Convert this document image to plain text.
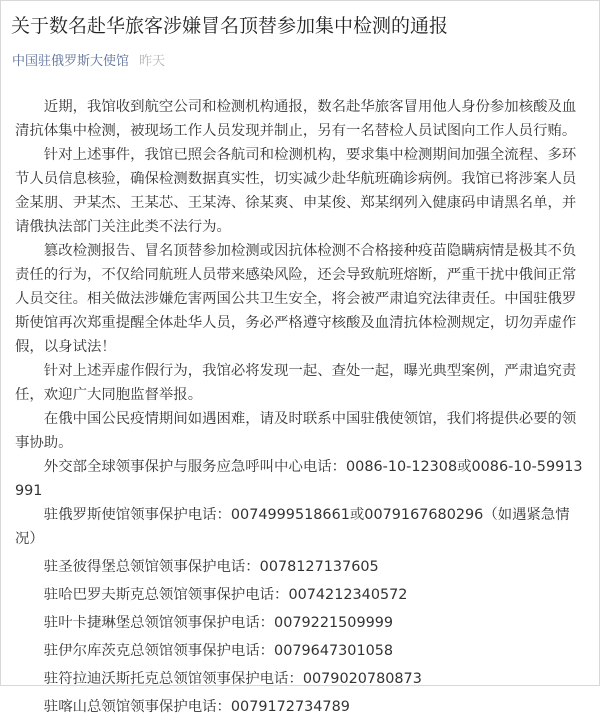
关于数名赴华旅客涉嫌冒名顶替参加集中检测的通报
中国驻俄罗斯大使馆 昨天

近期，我馆收到航空公司和检测机构通报，数名赴华旅客冒用他人身份参加核酸及血清抗体集中检测，被现场工作人员发现并制止，另有一名替检人员试图向工作人员行贿。

针对上述事件，我馆已照会各航司和检测机构，要求集中检测期间加强全流程、多环节人员信息核验，确保检测数据真实性，切实减少赴华航班确诊病例。我馆已将涉案人员金某朋、尹某杰、王某芯、王某涛、徐某爽、申某俊、郑某纲列入健康码申请黑名单，并请俄执法部门关注此类不法行为。

篡改检测报告、冒名顶替参加检测或因抗体检测不合格接种疫苗隐瞒病情是极其不负责任的行为，不仅给同航班人员带来感染风险，还会导致航班熔断，严重干扰中俄间正常人员交往。相关做法涉嫌危害两国公共卫生安全，将会被严肃追究法律责任。中国驻俄罗斯使馆再次郑重提醒全体赴华人员，务必严格遵守核酸及血清抗体检测规定，切勿弄虚作假，以身试法！

针对上述弄虚作假行为，我馆必将发现一起、查处一起，曝光典型案例，严肃追究责任，欢迎广大同胞监督举报。

在俄中国公民疫情期间如遇困难，请及时联系中国驻俄使领馆，我们将提供必要的领事协助。

外交部全球领事保护与服务应急呼叫中心电话：0086-10-12308或0086-10-59913991

驻俄罗斯使馆领事保护电话：0074999518661或007916768029​6（如遇紧急情况）

驻圣彼得堡总领馆领事保护电话：0078127137605

驻哈巴罗夫斯克总领馆领事保护电话：0074212340572

驻叶卡捷琳堡总领馆领事保护电话：0079221509999

驻伊尔库茨克总领馆领事保护电话：0079647301058

驻符拉迪沃斯托克总领馆领事保护电话：0079020780873

驻喀山总领馆领事保护电话：0079172734789
